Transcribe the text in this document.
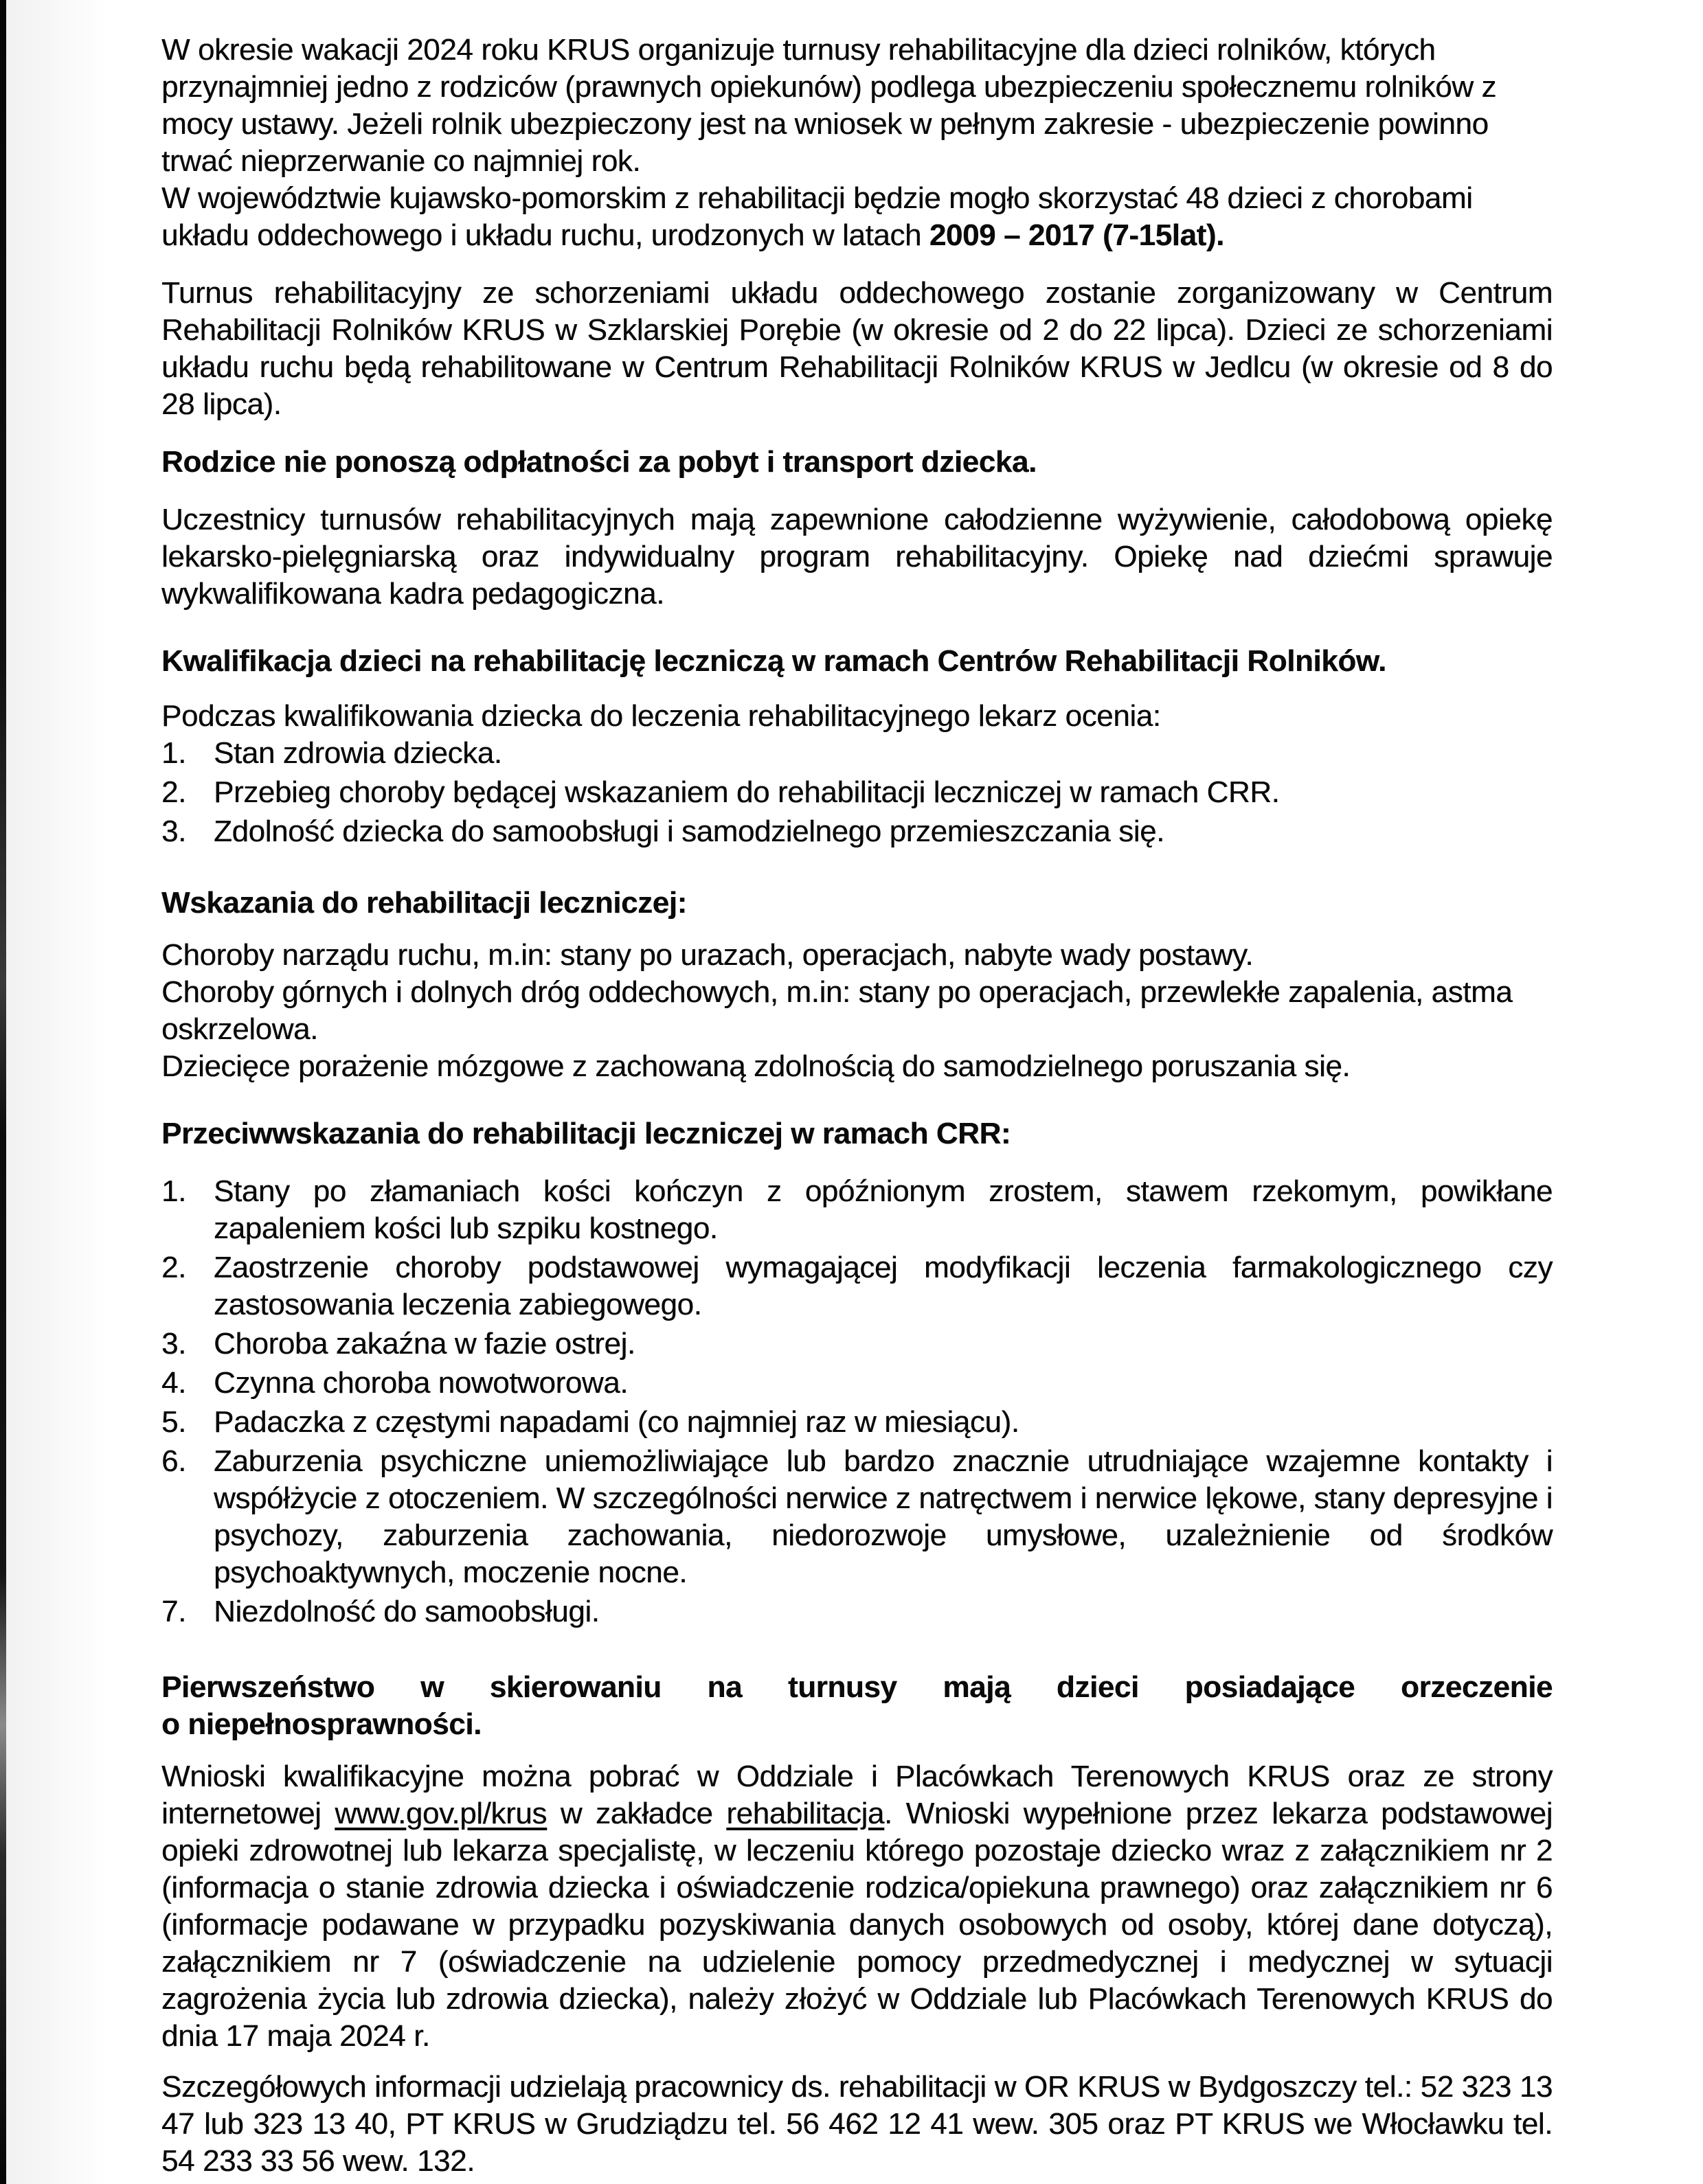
W okresie wakacji 2024 roku KRUS organizuje turnusy rehabilitacyjne dla dzieci rolników, których przynajmniej jedno z rodziców (prawnych opiekunów) podlega ubezpieczeniu społecznemu rolników z mocy ustawy. Jeżeli rolnik ubezpieczony jest na wniosek w pełnym zakresie - ubezpieczenie powinno trwać nieprzerwanie co najmniej rok.
W województwie kujawsko-pomorskim z rehabilitacji będzie mogło skorzystać 48 dzieci z chorobami układu oddechowego i układu ruchu, urodzonych w latach 2009 – 2017 (7-15lat).
Turnus rehabilitacyjny ze schorzeniami układu oddechowego zostanie zorganizowany w Centrum Rehabilitacji Rolników KRUS w Szklarskiej Porębie (w okresie od 2 do 22 lipca). Dzieci ze schorzeniami układu ruchu będą rehabilitowane w Centrum Rehabilitacji Rolników KRUS w Jedlcu (w okresie od 8 do 28 lipca).
Rodzice nie ponoszą odpłatności za pobyt i transport dziecka.
Uczestnicy turnusów rehabilitacyjnych mają zapewnione całodzienne wyżywienie, całodobową opiekę lekarsko-pielęgniarską oraz indywidualny program rehabilitacyjny. Opiekę nad dziećmi sprawuje wykwalifikowana kadra pedagogiczna.
Kwalifikacja dzieci na rehabilitację leczniczą w ramach Centrów Rehabilitacji Rolników.
Podczas kwalifikowania dziecka do leczenia rehabilitacyjnego lekarz ocenia:
1. Stan zdrowia dziecka.
2. Przebieg choroby będącej wskazaniem do rehabilitacji leczniczej w ramach CRR.
3. Zdolność dziecka do samoobsługi i samodzielnego przemieszczania się.
Wskazania do rehabilitacji leczniczej:
Choroby narządu ruchu, m.in: stany po urazach, operacjach, nabyte wady postawy.
Choroby górnych i dolnych dróg oddechowych, m.in: stany po operacjach, przewlekłe zapalenia, astma oskrzelowa.
Dziecięce porażenie mózgowe z zachowaną zdolnością do samodzielnego poruszania się.
Przeciwwskazania do rehabilitacji leczniczej w ramach CRR:
1. Stany po złamaniach kości kończyn z opóźnionym zrostem, stawem rzekomym, powikłane zapaleniem kości lub szpiku kostnego.
2. Zaostrzenie choroby podstawowej wymagającej modyfikacji leczenia farmakologicznego czy zastosowania leczenia zabiegowego.
3. Choroba zakaźna w fazie ostrej.
4. Czynna choroba nowotworowa.
5. Padaczka z częstymi napadami (co najmniej raz w miesiącu).
6. Zaburzenia psychiczne uniemożliwiające lub bardzo znacznie utrudniające wzajemne kontakty i współżycie z otoczeniem. W szczególności nerwice z natręctwem i nerwice lękowe, stany depresyjne i psychozy, zaburzenia zachowania, niedorozwoje umysłowe, uzależnienie od środków psychoaktywnych, moczenie nocne.
7. Niezdolność do samoobsługi.
Pierwszeństwo w skierowaniu na turnusy mają dzieci posiadające orzeczenie
o niepełnosprawności.
Wnioski kwalifikacyjne można pobrać w Oddziale i Placówkach Terenowych KRUS oraz ze strony internetowej www.gov.pl/krus w zakładce rehabilitacja. Wnioski wypełnione przez lekarza podstawowej opieki zdrowotnej lub lekarza specjalistę, w leczeniu którego pozostaje dziecko wraz z załącznikiem nr 2 (informacja o stanie zdrowia dziecka i oświadczenie rodzica/opiekuna prawnego) oraz załącznikiem nr 6 (informacje podawane w przypadku pozyskiwania danych osobowych od osoby, której dane dotyczą), załącznikiem nr 7 (oświadczenie na udzielenie pomocy przedmedycznej i medycznej w sytuacji zagrożenia życia lub zdrowia dziecka), należy złożyć w Oddziale lub Placówkach Terenowych KRUS do dnia 17 maja 2024 r.
Szczegółowych informacji udzielają pracownicy ds. rehabilitacji w OR KRUS w Bydgoszczy tel.: 52 323 13 47 lub 323 13 40, PT KRUS w Grudziądzu tel. 56 462 12 41 wew. 305 oraz PT KRUS we Włocławku tel. 54 233 33 56 wew. 132.
